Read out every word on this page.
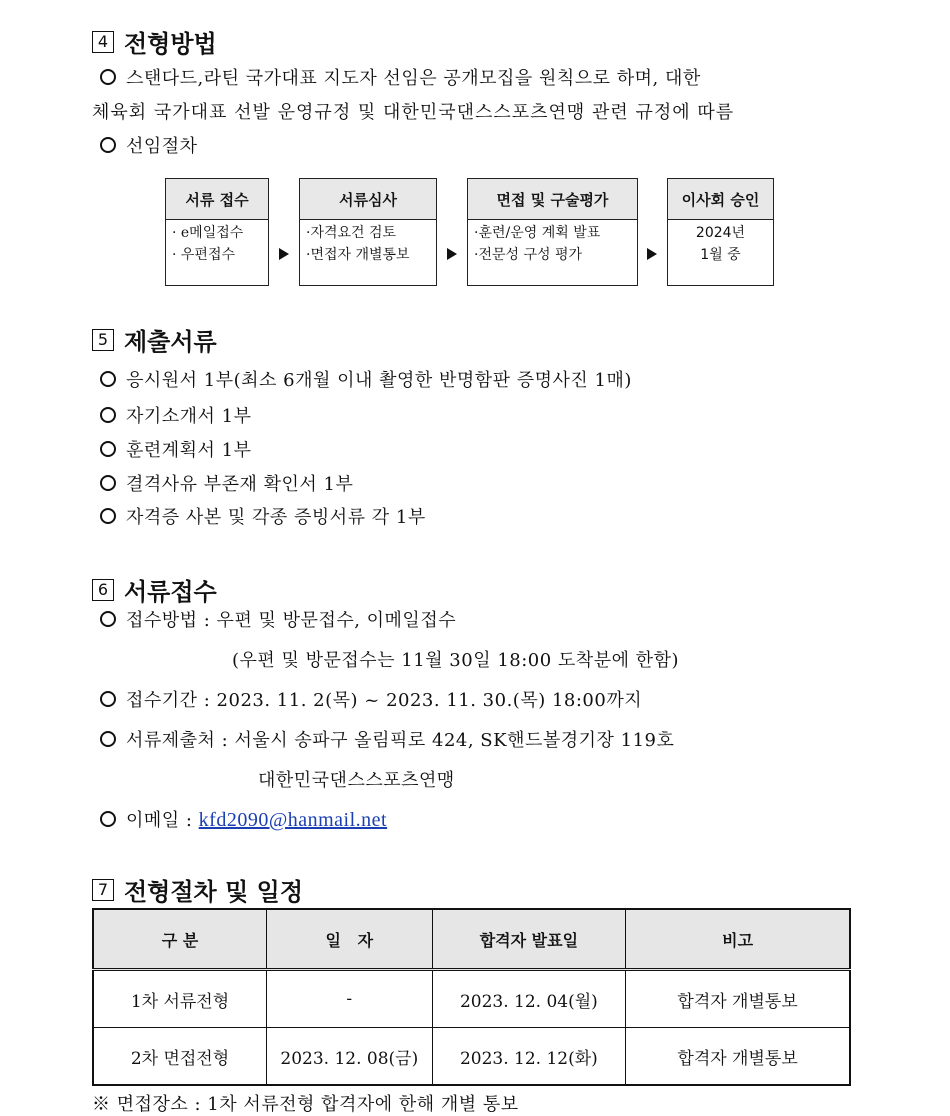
4 전형방법
스탠다드,라틴 국가대표 지도자 선임은 공개모집을 원칙으로 하며, 대한
체육회 국가대표 선발 운영규정 및 대한민국댄스스포츠연맹 관련 규정에 따름
선임절차
서류 접수
· e메일접수
· 우편접수
서류심사
·자격요건 검토
·면접자 개별통보
면접 및 구술평가
·훈련/운영 계획 발표
·전문성 구성 평가
이사회 승인
2024년
1월 중
5 제출서류
응시원서 1부(최소 6개월 이내 촬영한 반명함판 증명사진 1매)
자기소개서 1부
훈련계획서 1부
결격사유 부존재 확인서 1부
자격증 사본 및 각종 증빙서류 각 1부
6 서류접수
접수방법 : 우편 및 방문접수, 이메일접수
(우편 및 방문접수는 11월 30일 18:00 도착분에 한함)
접수기간 : 2023. 11. 2(목) ~ 2023. 11. 30.(목) 18:00까지
서류제출처 : 서울시 송파구 올림픽로 424, SK핸드볼경기장 119호
대한민국댄스스포츠연맹
이메일 : kfd2090@hanmail.net
7 전형절차 및 일정
구 분	일   자	합격자 발표일	비고
1차 서류전형	-	2023. 12. 04(월)	합격자 개별통보
2차 면접전형	2023. 12. 08(금)	2023. 12. 12(화)	합격자 개별통보
※ 면접장소 : 1차 서류전형 합격자에 한해 개별 통보
